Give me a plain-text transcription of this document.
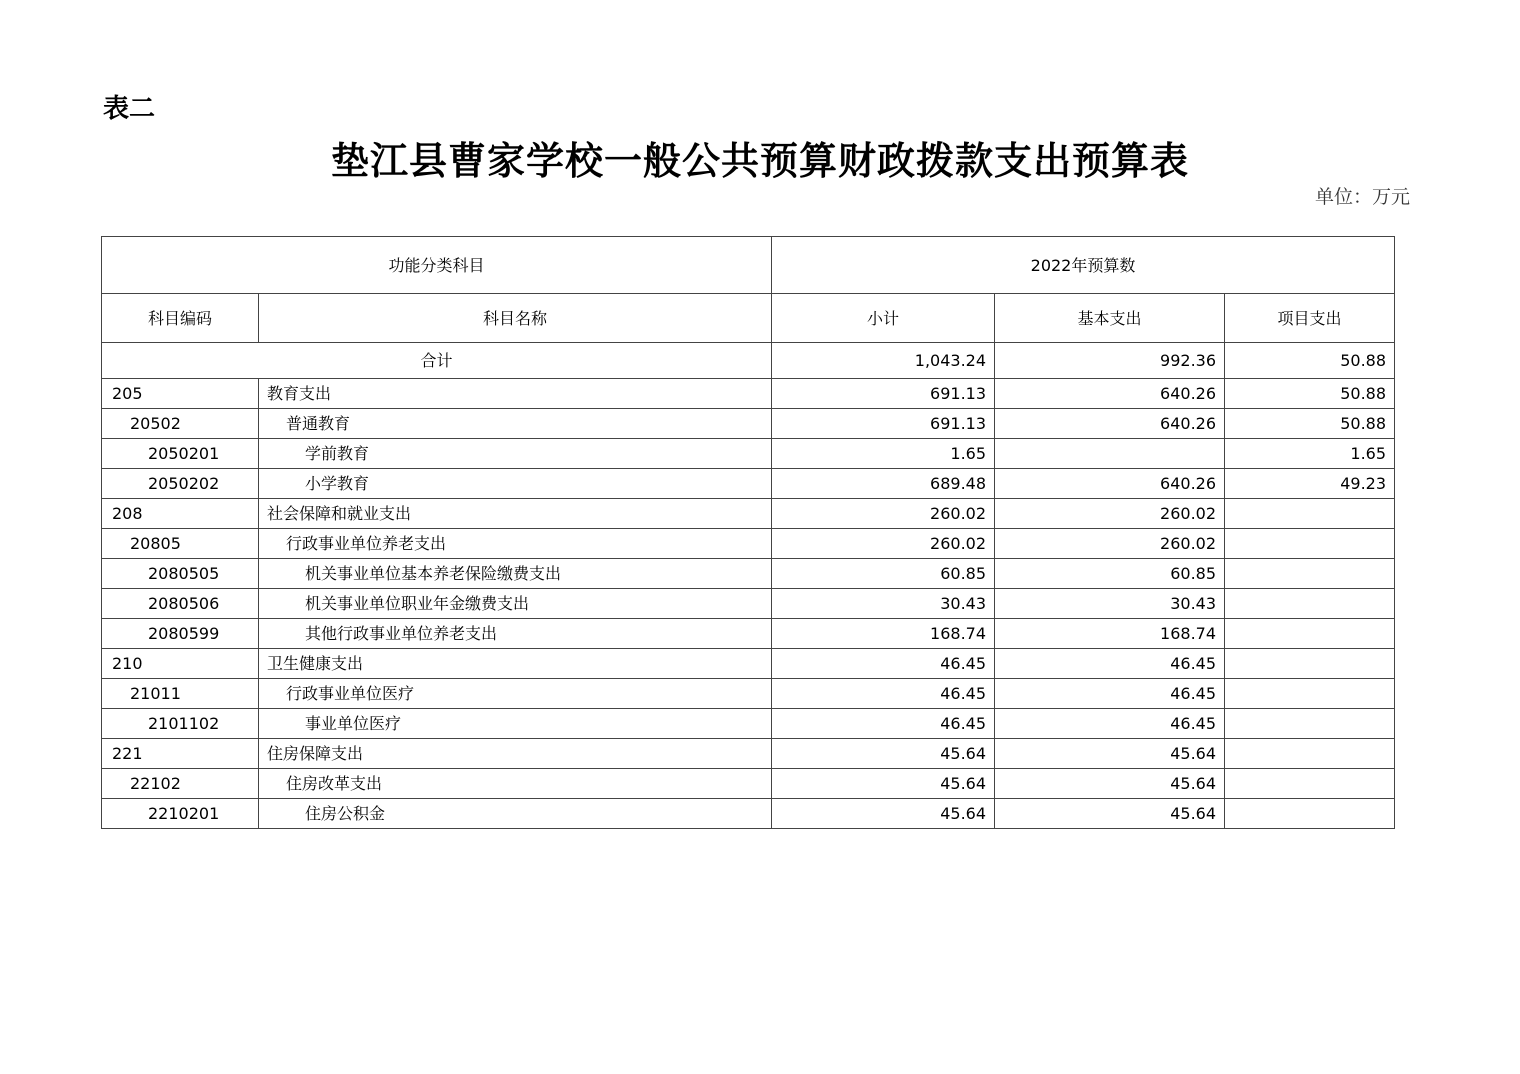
表二
垫江县曹家学校一般公共预算财政拨款支出预算表
单位：万元
功能分类科目		2022年预算数		
科目编码	科目名称	小计	基本支出	项目支出
合计		1,043.24	992.36	50.88
205	教育支出	691.13	640.26	50.88
20502	普通教育	691.13	640.26	50.88
2050201	学前教育	1.65		1.65
2050202	小学教育	689.48	640.26	49.23
208	社会保障和就业支出	260.02	260.02	
20805	行政事业单位养老支出	260.02	260.02	
2080505	机关事业单位基本养老保险缴费支出	60.85	60.85	
2080506	机关事业单位职业年金缴费支出	30.43	30.43	
2080599	其他行政事业单位养老支出	168.74	168.74	
210	卫生健康支出	46.45	46.45	
21011	行政事业单位医疗	46.45	46.45	
2101102	事业单位医疗	46.45	46.45	
221	住房保障支出	45.64	45.64	
22102	住房改革支出	45.64	45.64	
2210201	住房公积金	45.64	45.64	
